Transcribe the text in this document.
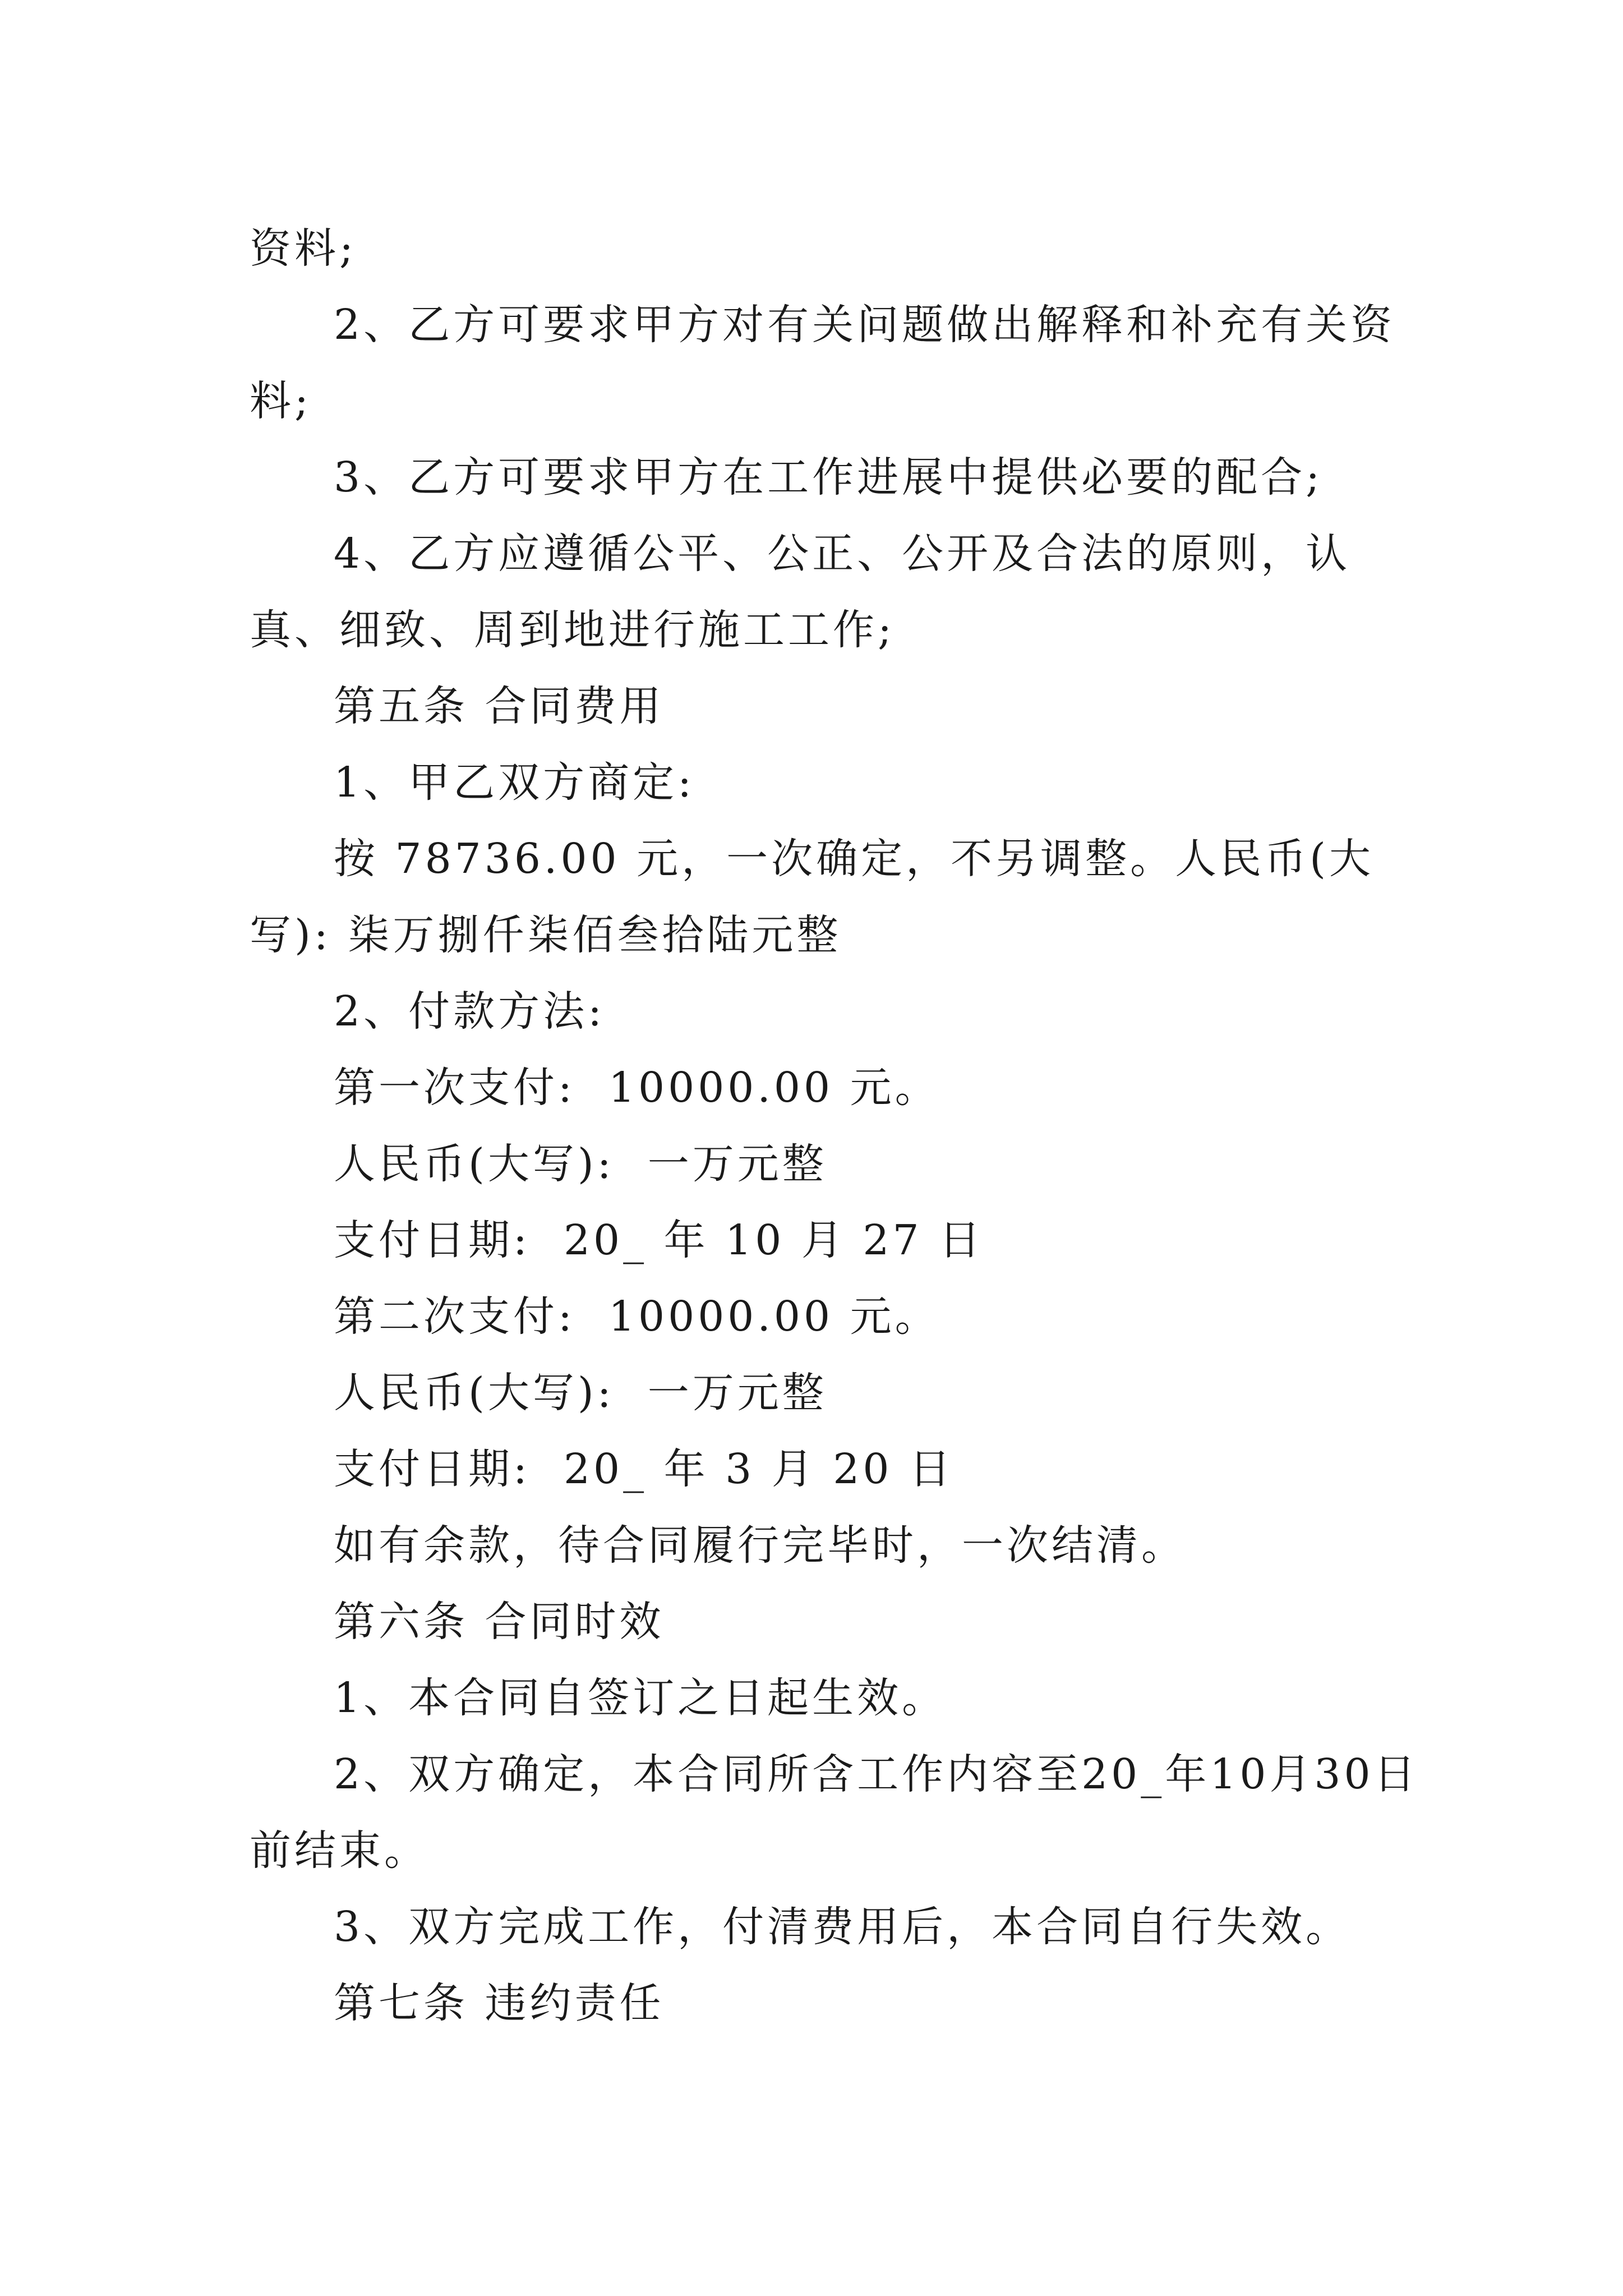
资料;

2、乙方可要求甲方对有关问题做出解释和补充有关资料;

3、乙方可要求甲方在工作进展中提供必要的配合;

4、乙方应遵循公平、公正、公开及合法的原则，认真、细致、周到地进行施工工作;

第五条 合同费用

1、甲乙双方商定:

按 78736.00 元，一次确定，不另调整。人民币(大写): 柒万捌仟柒佰叁拾陆元整

2、付款方法:

第一次支付:  10000.00 元。

人民币(大写):  一万元整

支付日期:  20_ 年 10 月 27 日

第二次支付:  10000.00 元。

人民币(大写):  一万元整

支付日期:  20_ 年 3 月 20 日

如有余款，待合同履行完毕时，一次结清。

第六条 合同时效

1、本合同自签订之日起生效。

2、双方确定，本合同所含工作内容至20_年10月30日前结束。

3、双方完成工作，付清费用后，本合同自行失效。

第七条 违约责任
